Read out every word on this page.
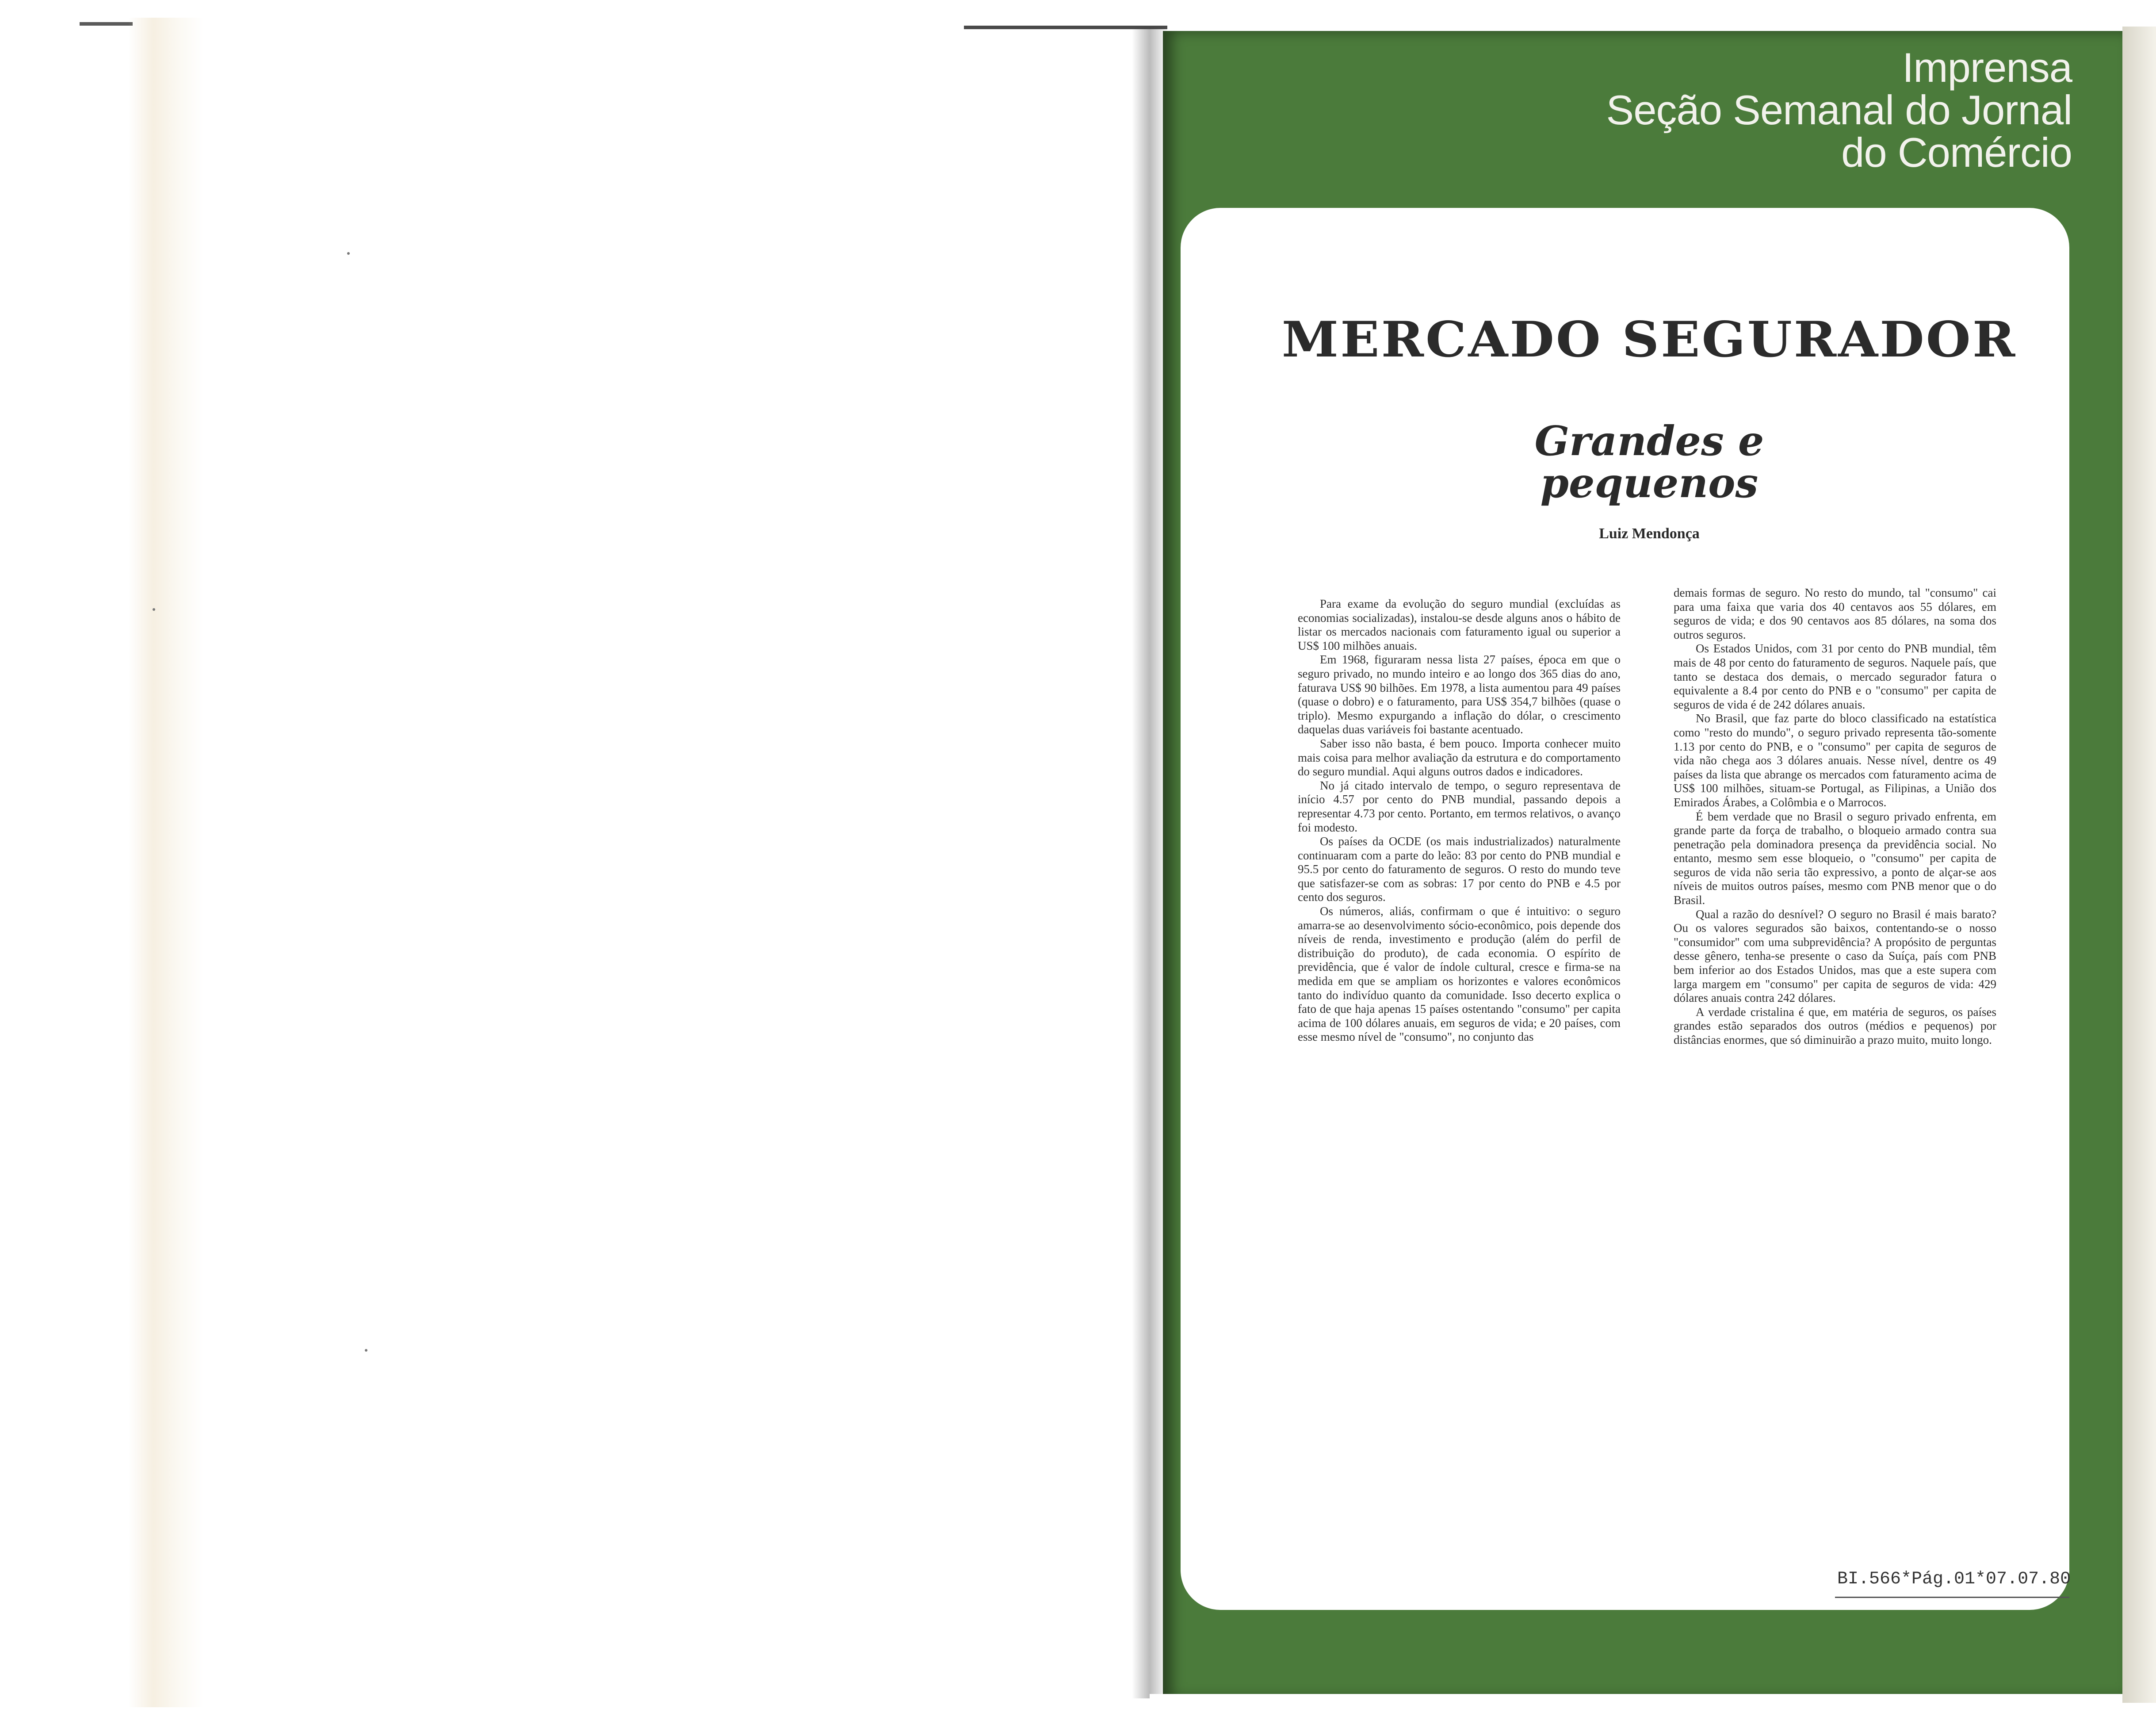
Imprensa
Seção Semanal do Jornal
do Comércio
MERCADO SEGURADOR
Grandes e
pequenos
Luiz Mendonça

Para exame da evolução do seguro mundial (excluídas as economias socializadas), instalou-se desde alguns anos o hábito de listar os mercados nacionais com faturamento igual ou superior a US$ 100 milhões anuais.

Em 1968, figuraram nessa lista 27 países, época em que o seguro privado, no mundo inteiro e ao longo dos 365 dias do ano, faturava US$ 90 bilhões. Em 1978, a lista aumentou para 49 países (quase o dobro) e o faturamento, para US$ 354,7 bilhões (quase o triplo). Mesmo expurgando a inflação do dólar, o crescimento daquelas duas variáveis foi bastante acentuado.

Saber isso não basta, é bem pouco. Importa conhecer muito mais coisa para melhor avaliação da estrutura e do comportamento do seguro mundial. Aqui alguns outros dados e indicadores.

No já citado intervalo de tempo, o seguro representava de início 4.57 por cento do PNB mundial, passando depois a representar 4.73 por cento. Portanto, em termos relativos, o avanço foi modesto.

Os países da OCDE (os mais industrializados) naturalmente continuaram com a parte do leão: 83 por cento do PNB mundial e 95.5 por cento do faturamento de seguros. O resto do mundo teve que satisfazer-se com as sobras: 17 por cento do PNB e 4.5 por cento dos seguros.

Os números, aliás, confirmam o que é intuitivo: o seguro amarra-se ao desenvolvimento sócio-econômico, pois depende dos níveis de renda, investimento e produção (além do perfil de distribuição do produto), de cada economia. O espírito de previdência, que é valor de índole cultural, cresce e firma-se na medida em que se ampliam os horizontes e valores econômicos tanto do indivíduo quanto da comunidade. Isso decerto explica o fato de que haja apenas 15 países ostentando "consumo" per capita acima de 100 dólares anuais, em seguros de vida; e 20 países, com esse mesmo nível de "consumo", no conjunto das

demais formas de seguro. No resto do mundo, tal "consumo" cai para uma faixa que varia dos 40 centavos aos 55 dólares, em seguros de vida; e dos 90 centavos aos 85 dólares, na soma dos outros seguros.

Os Estados Unidos, com 31 por cento do PNB mundial, têm mais de 48 por cento do faturamento de seguros. Naquele país, que tanto se destaca dos demais, o mercado segurador fatura o equivalente a 8.4 por cento do PNB e o "consumo" per capita de seguros de vida é de 242 dólares anuais.

No Brasil, que faz parte do bloco classificado na estatística como "resto do mundo", o seguro privado representa tão-somente 1.13 por cento do PNB, e o "consumo" per capita de seguros de vida não chega aos 3 dólares anuais. Nesse nível, dentre os 49 países da lista que abrange os mercados com faturamento acima de US$ 100 milhões, situam-se Portugal, as Filipinas, a União dos Emirados Árabes, a Colômbia e o Marrocos.

É bem verdade que no Brasil o seguro privado enfrenta, em grande parte da força de trabalho, o bloqueio armado contra sua penetração pela dominadora presença da previdência social. No entanto, mesmo sem esse bloqueio, o "consumo" per capita de seguros de vida não seria tão expressivo, a ponto de alçar-se aos níveis de muitos outros países, mesmo com PNB menor que o do Brasil.

Qual a razão do desnível? O seguro no Brasil é mais barato? Ou os valores segurados são baixos, contentando-se o nosso "consumidor" com uma subprevidência? A propósito de perguntas desse gênero, tenha-se presente o caso da Suíça, país com PNB bem inferior ao dos Estados Unidos, mas que a este supera com larga margem em "consumo" per capita de seguros de vida: 429 dólares anuais contra 242 dólares.

A verdade cristalina é que, em matéria de seguros, os países grandes estão separados dos outros (médios e pequenos) por distâncias enormes, que só diminuirão a prazo muito, muito longo.

BI.566*Pág.01*07.07.80
